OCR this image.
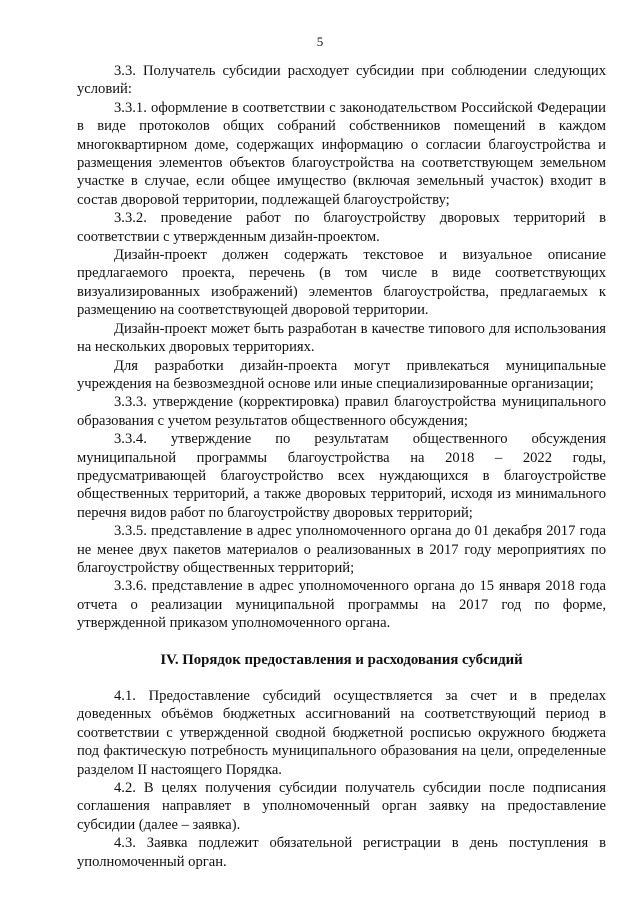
5

3.3. Получатель субсидии расходует субсидии при соблюдении следующих условий:

3.3.1. оформление в соответствии с законодательством Российской Федерации в виде протоколов общих собраний собственников помещений в каждом многоквартирном доме, содержащих информацию о согласии благоустройства и размещения элементов объектов благоустройства на соответствующем земельном участке в случае, если общее имущество (включая земельный участок) входит в состав дворовой территории, подлежащей благоустройству;

3.3.2. проведение работ по благоустройству дворовых территорий в соответствии с утвержденным дизайн-проектом.

Дизайн-проект должен содержать текстовое и визуальное описание предлагаемого проекта, перечень (в том числе в виде соответствующих визуализированных изображений) элементов благоустройства, предлагаемых к размещению на соответствующей дворовой территории.

Дизайн-проект может быть разработан в качестве типового для использования на нескольких дворовых территориях.

Для разработки дизайн-проекта могут привлекаться муниципальные учреждения на безвозмездной основе или иные специализированные организации;

3.3.3. утверждение (корректировка) правил благоустройства муниципального образования с учетом результатов общественного обсуждения;

3.3.4. утверждение по результатам общественного обсуждения муниципальной программы благоустройства на 2018 – 2022 годы, предусматривающей благоустройство всех нуждающихся в благоустройстве общественных территорий, а также дворовых территорий, исходя из минимального перечня видов работ по благоустройству дворовых территорий;

3.3.5. представление в адрес уполномоченного органа до 01 декабря 2017 года не менее двух пакетов материалов о реализованных в 2017 году мероприятиях по благоустройству общественных территорий;

3.3.6. представление в адрес уполномоченного органа до 15 января 2018 года отчета о реализации муниципальной программы на 2017 год по форме, утвержденной приказом уполномоченного органа.

IV. Порядок предоставления и расходования субсидий

4.1. Предоставление субсидий осуществляется за счет и в пределах доведенных объёмов бюджетных ассигнований на соответствующий период в соответствии с утвержденной сводной бюджетной росписью окружного бюджета под фактическую потребность муниципального образования на цели, определенные разделом II настоящего Порядка.

4.2. В целях получения субсидии получатель субсидии после подписания соглашения направляет в уполномоченный орган заявку на предоставление субсидии (далее – заявка).

4.3. Заявка подлежит обязательной регистрации в день поступления в уполномоченный орган.
